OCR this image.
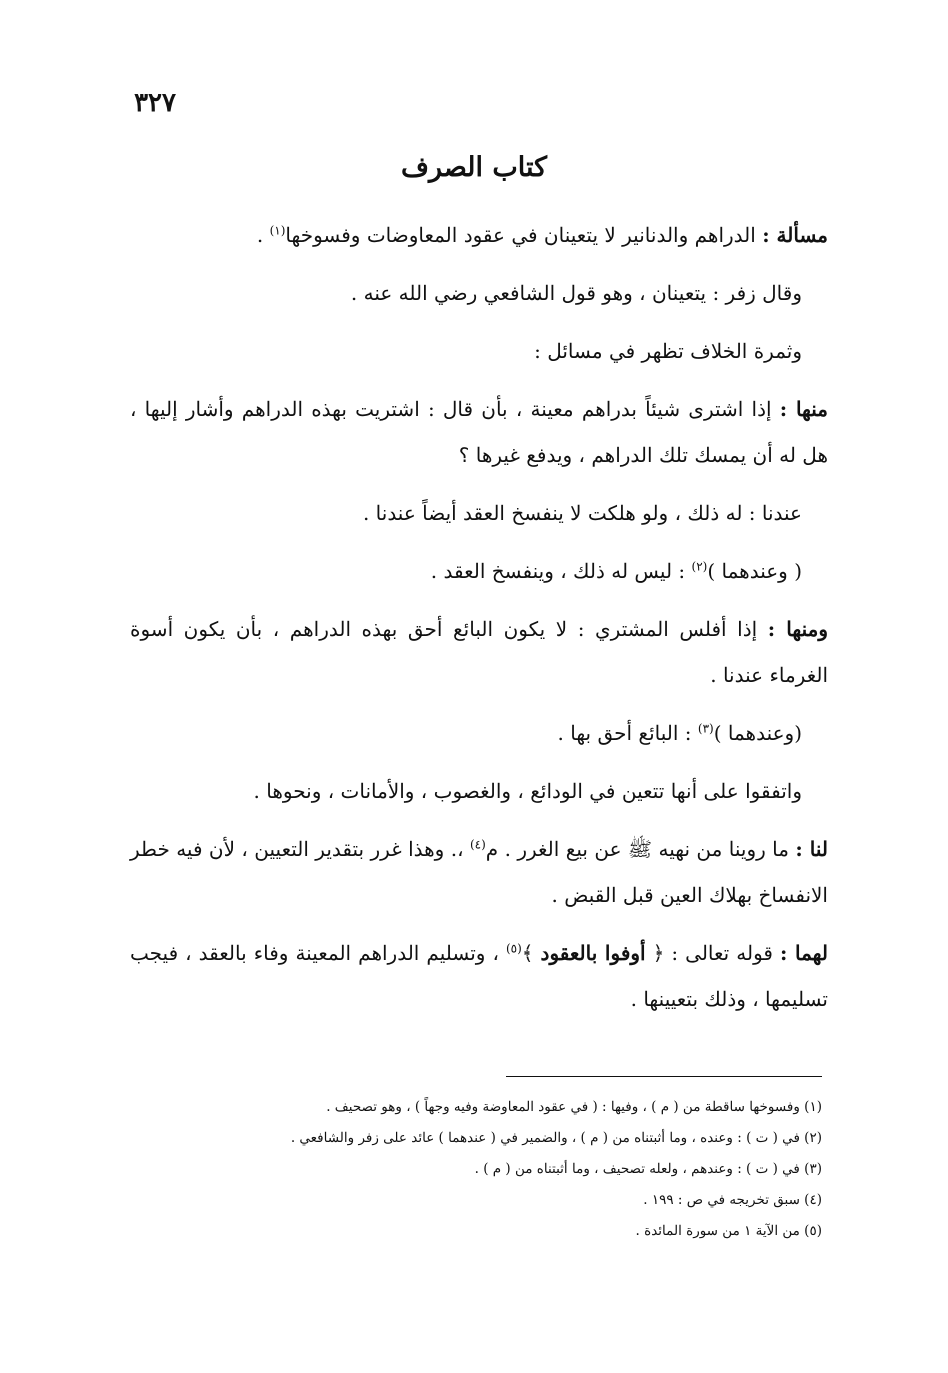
٣٢٧
كتاب الصرف

مسألة : الدراهم والدنانير لا يتعينان في عقود المعاوضات وفسوخها$^{(١)}$ .

وقال زفر : يتعينان ، وهو قول الشافعي رضي الله عنه .

وثمرة الخلاف تظهر في مسائل :

منها : إذا اشترى شيئاً بدراهم معينة ، بأن قال : اشتريت بهذه الدراهم وأشار إليها ، هل له أن يمسك تلك الدراهم ، ويدفع غيرها ؟

عندنا : له ذلك ، ولو هلكت لا ينفسخ العقد أيضاً عندنا .

( وعندهما )$^{(٢)}$ : ليس له ذلك ، وينفسخ العقد .

ومنها : إذا أفلس المشتري : لا يكون البائع أحق بهذه الدراهم ، بأن يكون أسوة الغرماء عندنا .

(وعندهما )$^{(٣)}$ : البائع أحق بها .

واتفقوا على أنها تتعين في الودائع ، والغصوب ، والأمانات ، ونحوها .

لنا : ما روينا من نهيه ﷺ عن بيع الغرر . م$^{(٤)}$ ،. وهذا غرر بتقدير التعيين ، لأن فيه خطر الانفساخ بهلاك العين قبل القبض .

لهما : قوله تعالى : ﴿ أوفوا بالعقود ﴾$^{(٥)}$ ، وتسليم الدراهم المعينة وفاء بالعقد ، فيجب تسليمها ، وذلك بتعيينها .

(١) وفسوخها ساقطة من ( م ) ، وفيها : ( في عقود المعاوضة وفيه وجهاً ) ، وهو تصحيف .

(٢) في ( ت ) : وعنده ، وما أثبتناه من ( م ) ، والضمير في ( عندهما ) عائد على زفر والشافعي .

(٣) في ( ت ) : وعندهم ، ولعله تصحيف ، وما أثبتناه من ( م ) .

(٤) سبق تخريجه في ص : ١٩٩ .

(٥) من الآية ١ من سورة المائدة .
